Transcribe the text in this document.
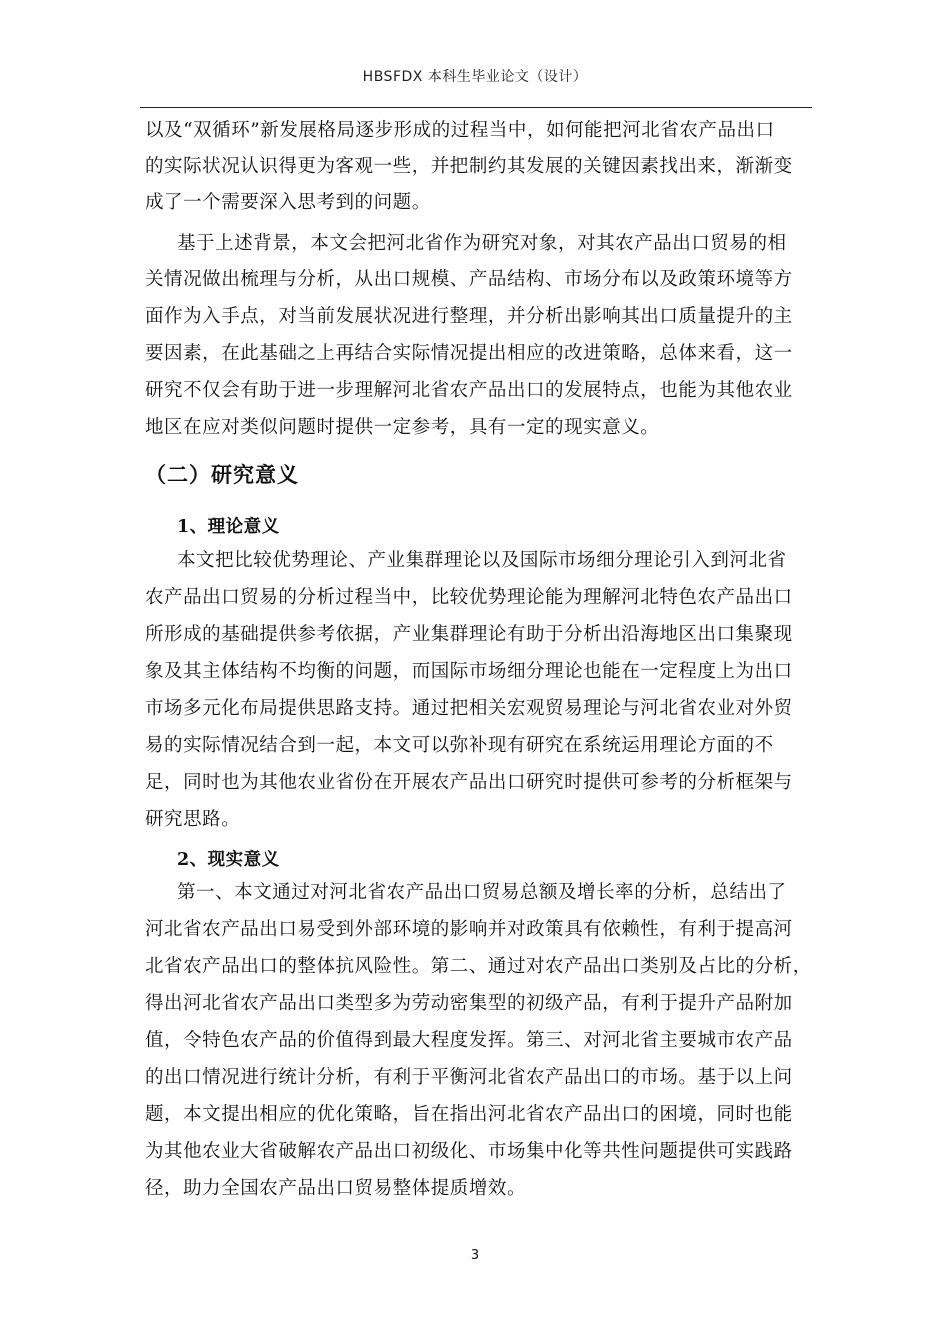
HBSFDX 本科生毕业论文（设计）
以及“双循环”新发展格局逐步形成的过程当中，如何能把河北省农产品出口
的实际状况认识得更为客观一些，并把制约其发展的关键因素找出来，渐渐变
成了一个需要深入思考到的问题。
基于上述背景，本文会把河北省作为研究对象，对其农产品出口贸易的相
关情况做出梳理与分析，从出口规模、产品结构、市场分布以及政策环境等方
面作为入手点，对当前发展状况进行整理，并分析出影响其出口质量提升的主
要因素，在此基础之上再结合实际情况提出相应的改进策略，总体来看，这一
研究不仅会有助于进一步理解河北省农产品出口的发展特点，也能为其他农业
地区在应对类似问题时提供一定参考，具有一定的现实意义。
（二）研究意义
1、理论意义
本文把比较优势理论、产业集群理论以及国际市场细分理论引入到河北省
农产品出口贸易的分析过程当中，比较优势理论能为理解河北特色农产品出口
所形成的基础提供参考依据，产业集群理论有助于分析出沿海地区出口集聚现
象及其主体结构不均衡的问题，而国际市场细分理论也能在一定程度上为出口
市场多元化布局提供思路支持。通过把相关宏观贸易理论与河北省农业对外贸
易的实际情况结合到一起，本文可以弥补现有研究在系统运用理论方面的不
足，同时也为其他农业省份在开展农产品出口研究时提供可参考的分析框架与
研究思路。
2、现实意义
第一、本文通过对河北省农产品出口贸易总额及增长率的分析，总结出了
河北省农产品出口易受到外部环境的影响并对政策具有依赖性，有利于提高河
北省农产品出口的整体抗风险性。第二、通过对农产品出口类别及占比的分析，
得出河北省农产品出口类型多为劳动密集型的初级产品，有利于提升产品附加
值，令特色农产品的价值得到最大程度发挥。第三、对河北省主要城市农产品
的出口情况进行统计分析，有利于平衡河北省农产品出口的市场。基于以上问
题，本文提出相应的优化策略，旨在指出河北省农产品出口的困境，同时也能
为其他农业大省破解农产品出口初级化、市场集中化等共性问题提供可实践路
径，助力全国农产品出口贸易整体提质增效。
3
